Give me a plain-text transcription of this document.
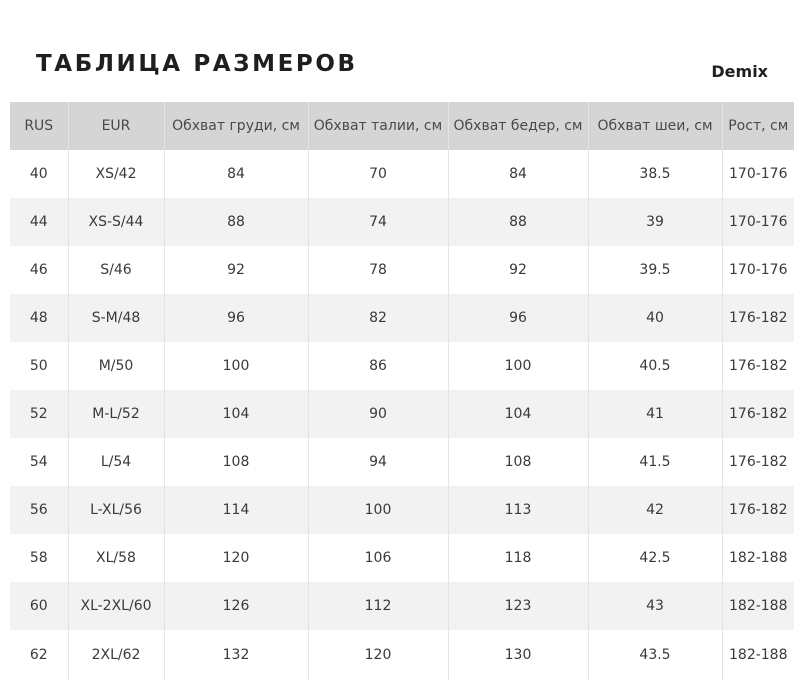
ТАБЛИЦА РАЗМЕРОВ	Demix
RUS	EUR	Обхват груди, см	Обхват талии, см	Обхват бедер, см	Обхват шеи, см	Рост, см
40	XS/42	84	70	84	38.5	170-176
44	XS-S/44	88	74	88	39	170-176
46	S/46	92	78	92	39.5	170-176
48	S-M/48	96	82	96	40	176-182
50	M/50	100	86	100	40.5	176-182
52	M-L/52	104	90	104	41	176-182
54	L/54	108	94	108	41.5	176-182
56	L-XL/56	114	100	113	42	176-182
58	XL/58	120	106	118	42.5	182-188
60	XL-2XL/60	126	112	123	43	182-188
62	2XL/62	132	120	130	43.5	182-188
